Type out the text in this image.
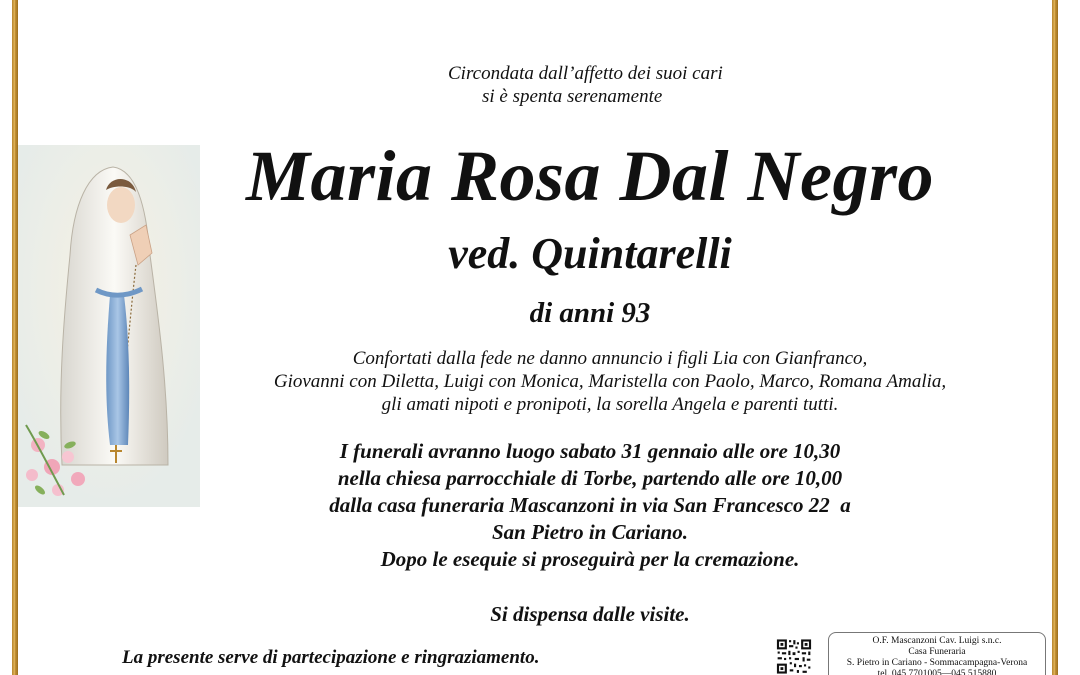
Circondata dall’affetto dei suoi cari
si è spenta serenamente
Maria Rosa Dal Negro
ved. Quintarelli
di anni 93
Confortati dalla fede ne danno annuncio i figli Lia con Gianfranco,
Giovanni con Diletta, Luigi con Monica, Maristella con Paolo, Marco, Romana Amalia,
gli amati nipoti e pronipoti, la sorella Angela e parenti tutti.
I funerali avranno luogo sabato 31 gennaio alle ore 10,30
nella chiesa parrocchiale di Torbe, partendo alle ore 10,00
dalla casa funeraria Mascanzoni in via San Francesco 22  a
San Pietro in Cariano.
Dopo le esequie si proseguirà per la cremazione.
Si dispensa dalle visite.
La presente serve di partecipazione e ringraziamento.
O.F. Mascanzoni Cav. Luigi s.n.c.
Casa Funeraria
S. Pietro in Cariano - Sommacampagna-Verona
tel. 045 7701005—045 515880
